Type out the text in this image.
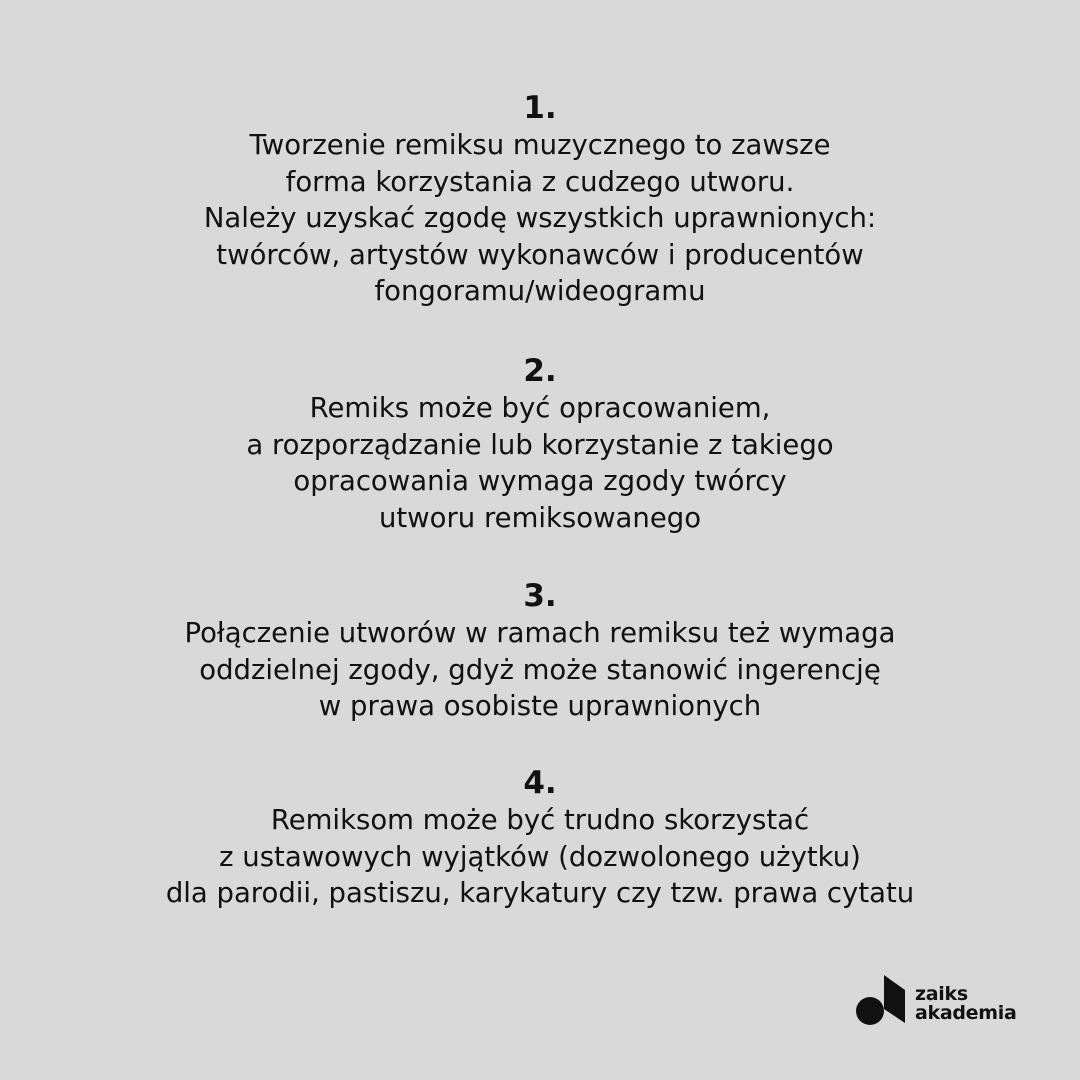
1.
Tworzenie remiksu muzycznego to zawsze
forma korzystania z cudzego utworu.
Należy uzyskać zgodę wszystkich uprawnionych:
twórców, artystów wykonawców i producentów
fongoramu/wideogramu
2.
Remiks może być opracowaniem,
a rozporządzanie lub korzystanie z takiego
opracowania wymaga zgody twórcy
utworu remiksowanego
3.
Połączenie utworów w ramach remiksu też wymaga
oddzielnej zgody, gdyż może stanowić ingerencję
w prawa osobiste uprawnionych
4.
Remiksom może być trudno skorzystać
z ustawowych wyjątków (dozwolonego użytku)
dla parodii, pastiszu, karykatury czy tzw. prawa cytatu
zaiks
akademia
